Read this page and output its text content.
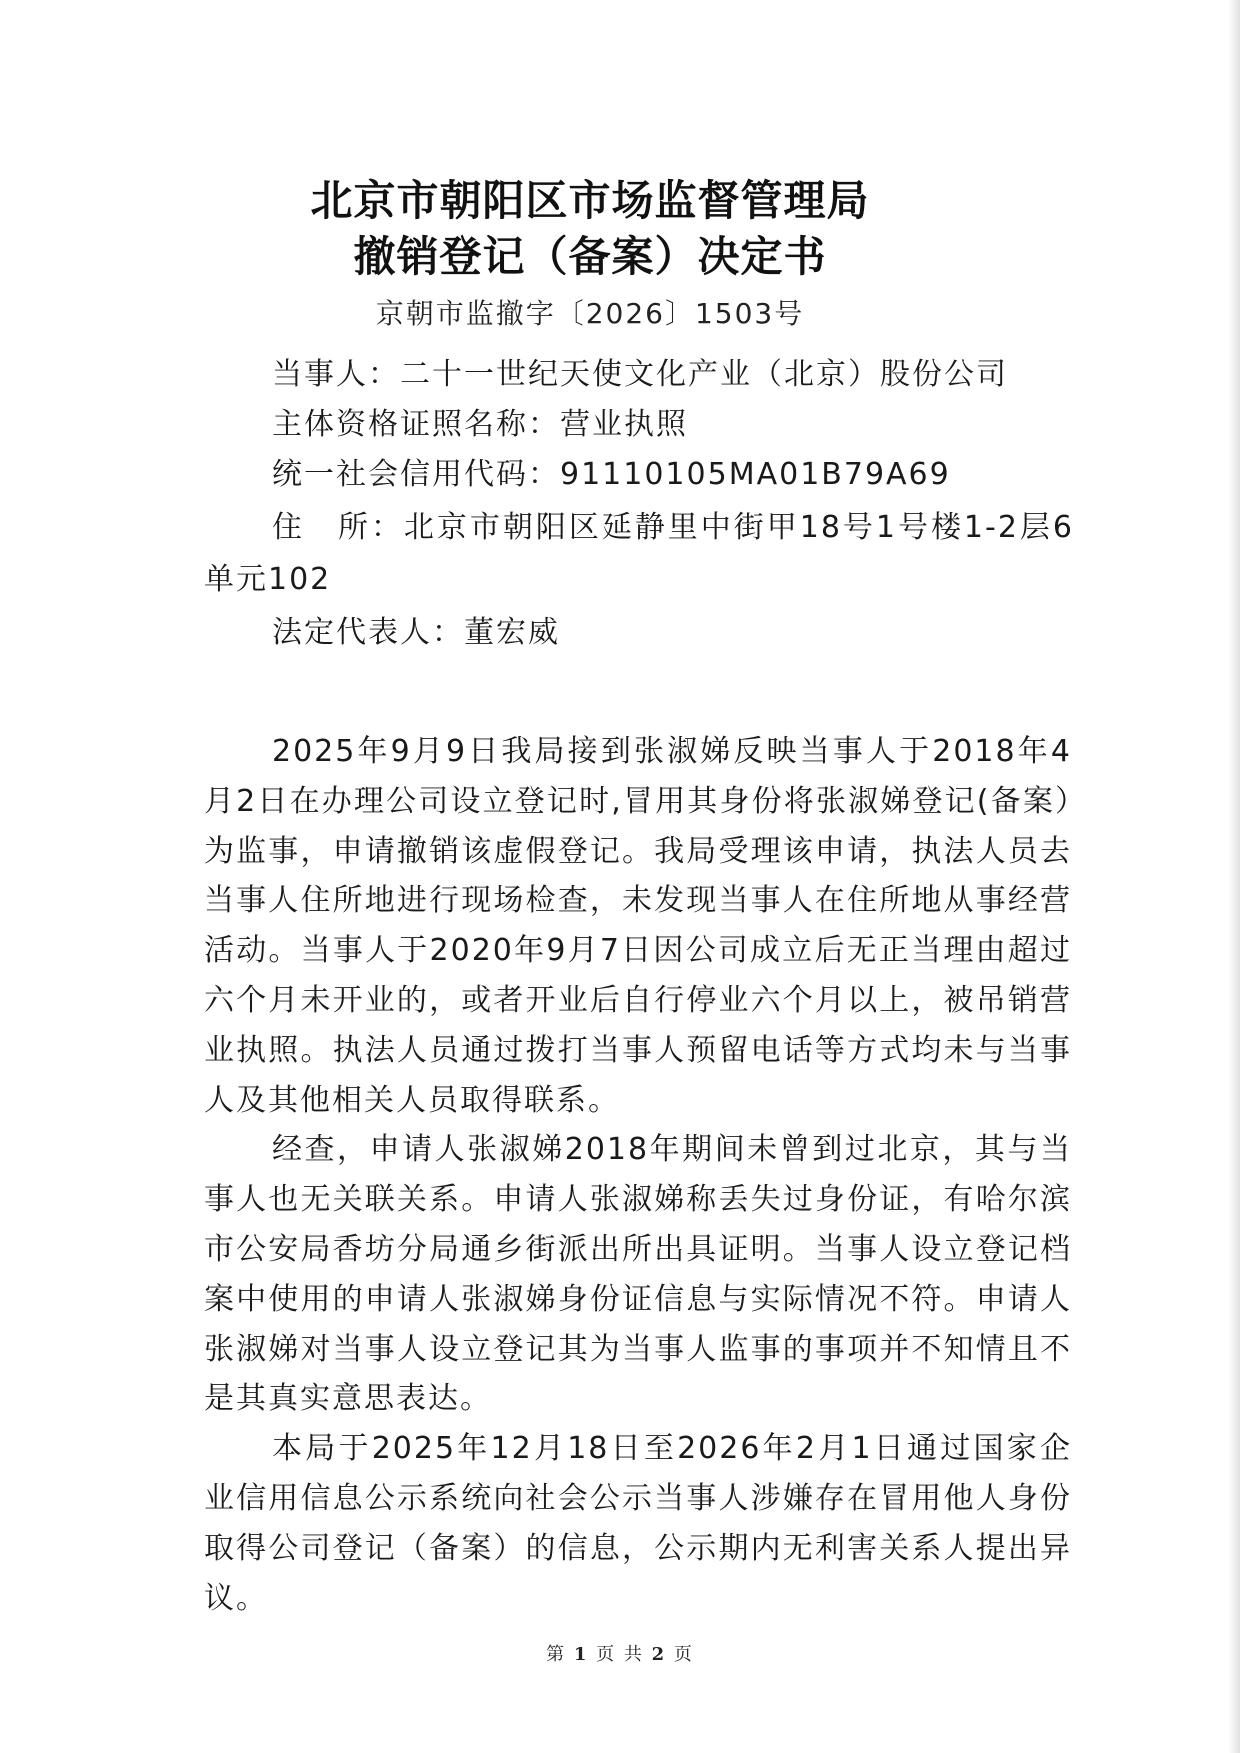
北京市朝阳区市场监督管理局
撤销登记（备案）决定书
京朝市监撤字〔2026〕1503号

当事人：二十一世纪天使文化产业（北京）股份公司

主体资格证照名称：营业执照

统一社会信用代码：91110105MA01B79A69

住　所：北京市朝阳区延静里中街甲18号1号楼1-2层6单元102

法定代表人：董宏威

2025年9月9日我局接到张淑娣反映当事人于2018年4月2日在办理公司设立登记时,冒用其身份将张淑娣登记(备案）为监事，申请撤销该虚假登记。我局受理该申请，执法人员去当事人住所地进行现场检查，未发现当事人在住所地从事经营活动。当事人于2020年9月7日因公司成立后无正当理由超过六个月未开业的，或者开业后自行停业六个月以上，被吊销营业执照。执法人员通过拨打当事人预留电话等方式均未与当事人及其他相关人员取得联系。

经查，申请人张淑娣2018年期间未曾到过北京，其与当事人也无关联关系。申请人张淑娣称丢失过身份证，有哈尔滨市公安局香坊分局通乡街派出所出具证明。当事人设立登记档案中使用的申请人张淑娣身份证信息与实际情况不符。申请人张淑娣对当事人设立登记其为当事人监事的事项并不知情且不是其真实意思表达。

本局于2025年12月18日至2026年2月1日通过国家企业信用信息公示系统向社会公示当事人涉嫌存在冒用他人身份取得公司登记（备案）的信息，公示期内无利害关系人提出异议。

第 1 页 共 2 页
